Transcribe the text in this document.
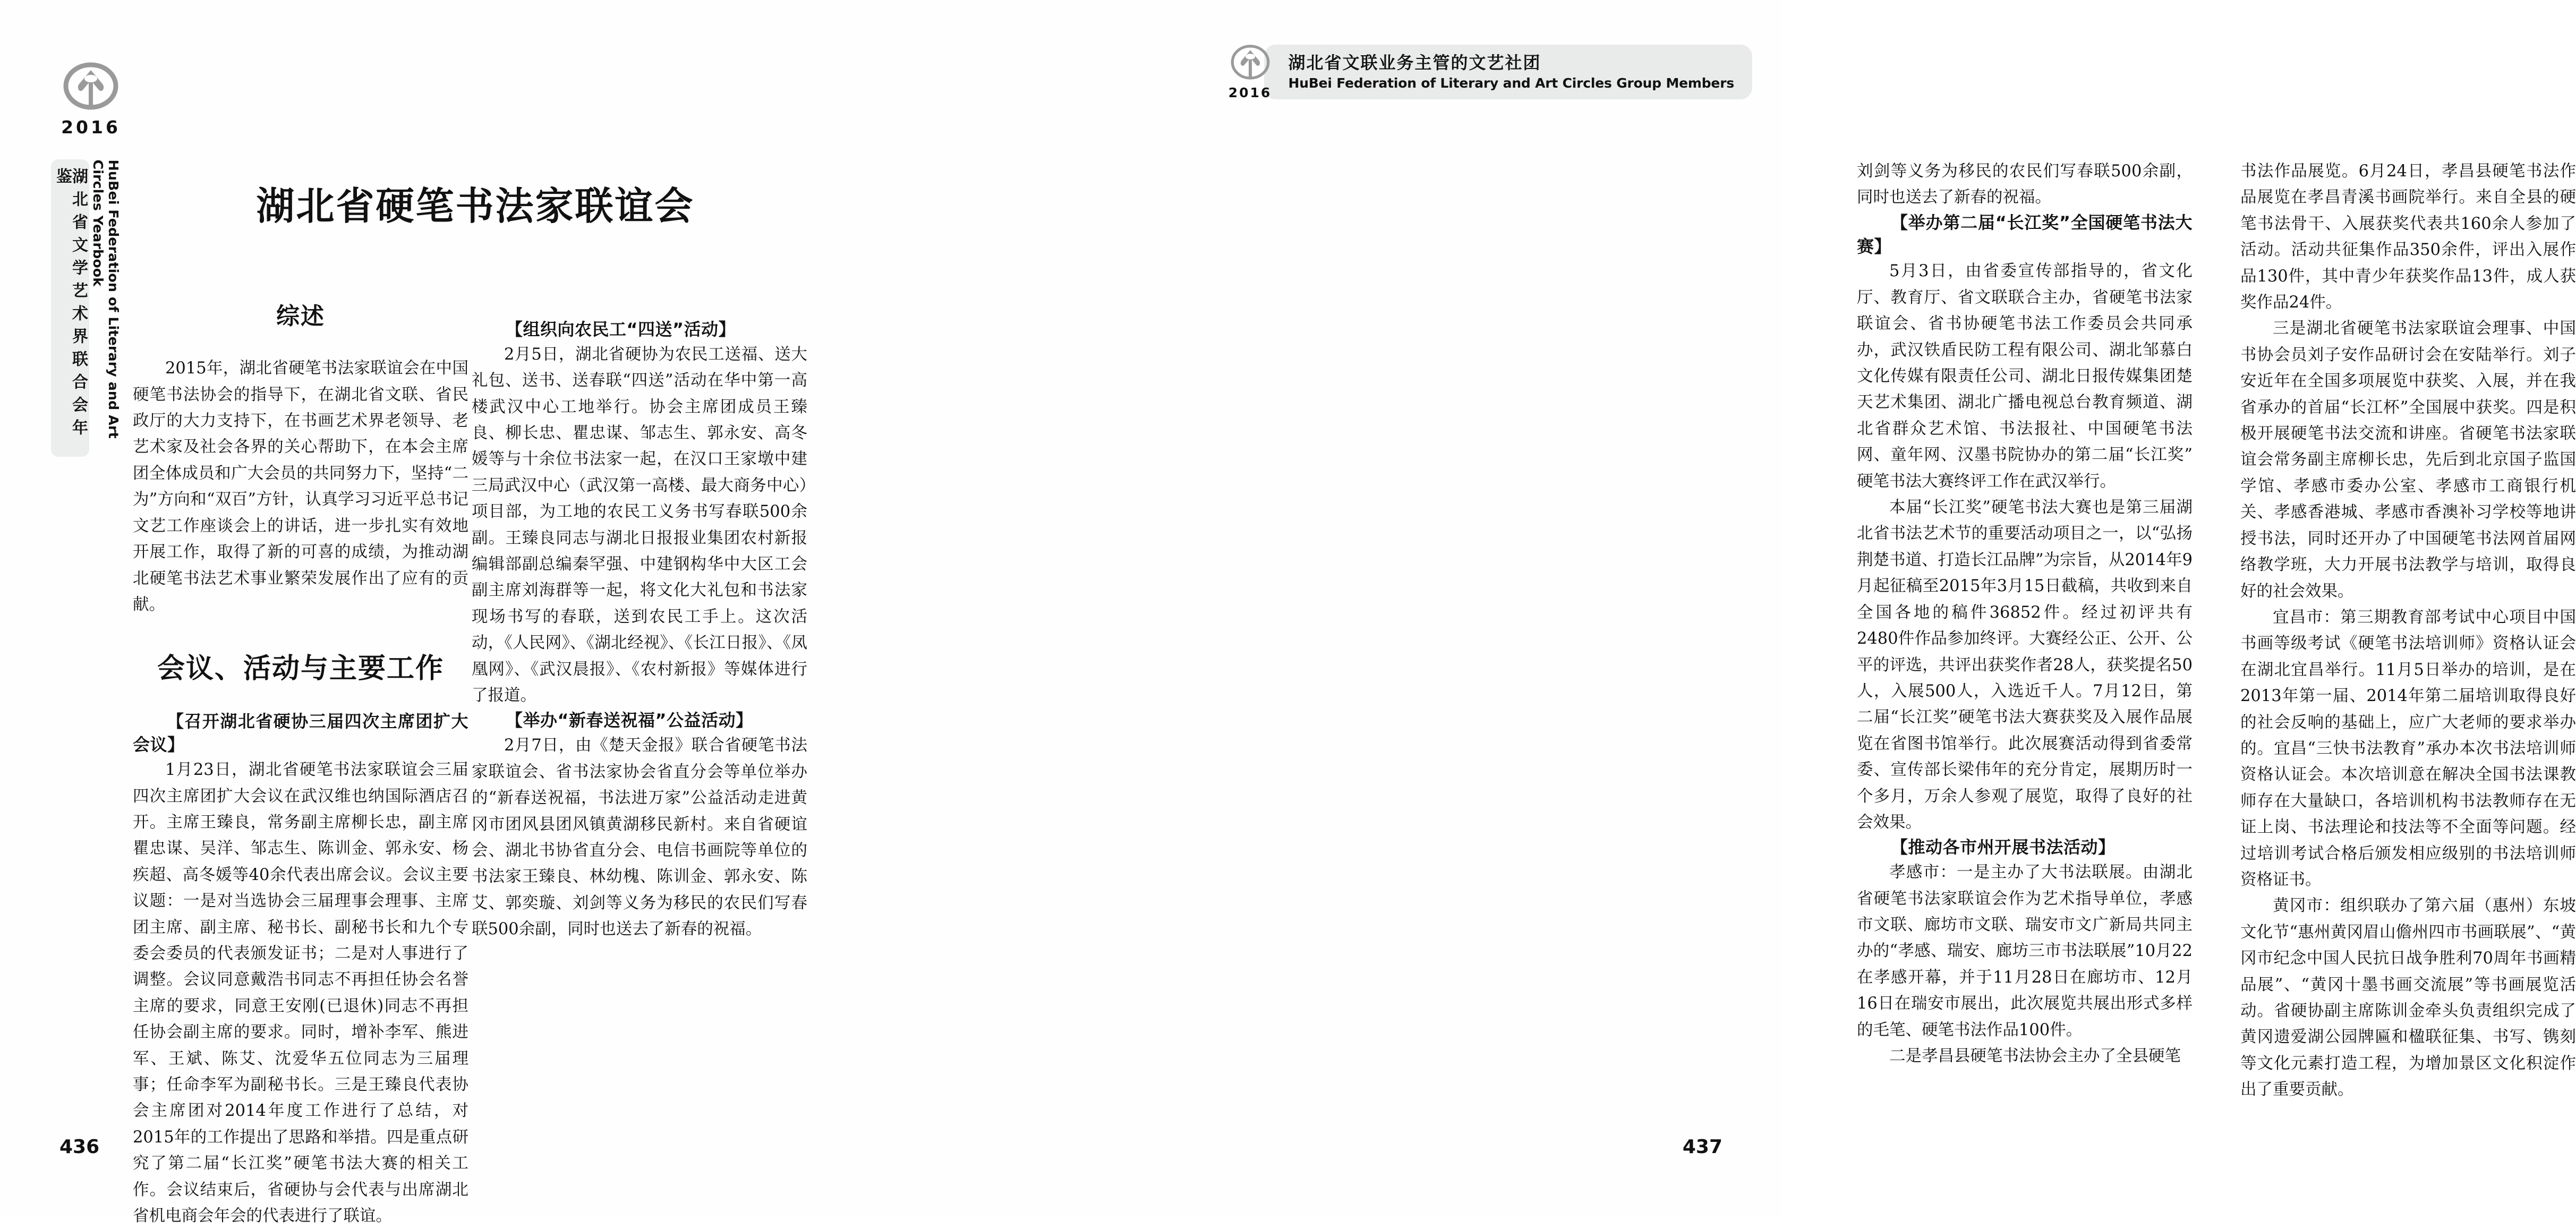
2016
HuBei Federation of Literary and Art Circles Yearbook
湖北省文学艺术界联合会年鉴
湖北省硬笔书法家联谊会
综述

2015年，湖北省硬笔书法家联谊会在中国硬笔书法协会的指导下，在湖北省文联、省民政厅的大力支持下，在书画艺术界老领导、老艺术家及社会各界的关心帮助下，在本会主席团全体成员和广大会员的共同努力下，坚持“二为”方向和“双百”方针，认真学习习近平总书记文艺工作座谈会上的讲话，进一步扎实有效地开展工作，取得了新的可喜的成绩，为推动湖北硬笔书法艺术事业繁荣发展作出了应有的贡献。

会议、活动与主要工作

【召开湖北省硬协三届四次主席团扩大会议】

1月23日，湖北省硬笔书法家联谊会三届四次主席团扩大会议在武汉维也纳国际酒店召开。主席王臻良，常务副主席柳长忠，副主席瞿忠谋、吴洋、邹志生、陈训金、郭永安、杨疾超、高冬媛等40余代表出席会议。会议主要议题：一是对当选协会三届理事会理事、主席团主席、副主席、秘书长、副秘书长和九个专委会委员的代表颁发证书；二是对人事进行了调整。会议同意戴浩书同志不再担任协会名誉主席的要求，同意王安刚(已退休)同志不再担任协会副主席的要求。同时，增补李军、熊进军、王斌、陈艾、沈爱华五位同志为三届理事；任命李军为副秘书长。三是王臻良代表协会主席团对2014年度工作进行了总结，对2015年的工作提出了思路和举措。四是重点研究了第二届“长江奖”硬笔书法大赛的相关工作。会议结束后，省硬协与会代表与出席湖北省机电商会年会的代表进行了联谊。

【组织向农民工“四送”活动】

2月5日，湖北省硬协为农民工送福、送大礼包、送书、送春联“四送”活动在华中第一高楼武汉中心工地举行。协会主席团成员王臻良、柳长忠、瞿忠谋、邹志生、郭永安、高冬媛等与十余位书法家一起，在汉口王家墩中建三局武汉中心（武汉第一高楼、最大商务中心）项目部，为工地的农民工义务书写春联500余副。王臻良同志与湖北日报报业集团农村新报编辑部副总编秦罕强、中建钢构华中大区工会副主席刘海群等一起，将文化大礼包和书法家现场书写的春联，送到农民工手上。这次活动，《人民网》、《湖北经视》、《长江日报》、《凤凰网》、《武汉晨报》、《农村新报》等媒体进行了报道。

【举办“新春送祝福”公益活动】

2月7日，由《楚天金报》联合省硬笔书法家联谊会、省书法家协会省直分会等单位举办的“新春送祝福，书法进万家”公益活动走进黄冈市团风县团风镇黄湖移民新村。来自省硬谊会、湖北书协省直分会、电信书画院等单位的书法家王臻良、林幼槐、陈训金、郭永安、陈艾、郭奕璇、刘剑等义务为移民的农民们写春联500余副，同时也送去了新春的祝福。

436
2016
湖北省文联业务主管的文艺社团
HuBei Federation of Literary and Art Circles Group Members

刘剑等义务为移民的农民们写春联500余副，同时也送去了新春的祝福。

【举办第二届“长江奖”全国硬笔书法大赛】

5月3日，由省委宣传部指导的，省文化厅、教育厅、省文联联合主办，省硬笔书法家联谊会、省书协硬笔书法工作委员会共同承办，武汉铁盾民防工程有限公司、湖北邹慕白文化传媒有限责任公司、湖北日报传媒集团楚天艺术集团、湖北广播电视总台教育频道、湖北省群众艺术馆、书法报社、中国硬笔书法网、童年网、汉墨书院协办的第二届“长江奖”硬笔书法大赛终评工作在武汉举行。

本届“长江奖”硬笔书法大赛也是第三届湖北省书法艺术节的重要活动项目之一，以“弘扬荆楚书道、打造长江品牌”为宗旨，从2014年9月起征稿至2015年3月15日截稿，共收到来自全国各地的稿件36852件。经过初评共有2480件作品参加终评。大赛经公正、公开、公平的评选，共评出获奖作者28人，获奖提名50人，入展500人，入选近千人。7月12日，第二届“长江奖”硬笔书法大赛获奖及入展作品展览在省图书馆举行。此次展赛活动得到省委常委、宣传部长梁伟年的充分肯定，展期历时一个多月，万余人参观了展览，取得了良好的社会效果。

【推动各市州开展书法活动】

孝感市：一是主办了大书法联展。由湖北省硬笔书法家联谊会作为艺术指导单位，孝感市文联、廊坊市文联、瑞安市文广新局共同主办的“孝感、瑞安、廊坊三市书法联展”10月22在孝感开幕，并于11月28日在廊坊市、12月16日在瑞安市展出，此次展览共展出形式多样的毛笔、硬笔书法作品100件。

二是孝昌县硬笔书法协会主办了全县硬笔

书法作品展览。6月24日，孝昌县硬笔书法作品展览在孝昌青溪书画院举行。来自全县的硬笔书法骨干、入展获奖代表共160余人参加了活动。活动共征集作品350余件，评出入展作品130件，其中青少年获奖作品13件，成人获奖作品24件。

三是湖北省硬笔书法家联谊会理事、中国书协会员刘子安作品研讨会在安陆举行。刘子安近年在全国多项展览中获奖、入展，并在我省承办的首届“长江杯”全国展中获奖。四是积极开展硬笔书法交流和讲座。省硬笔书法家联谊会常务副主席柳长忠，先后到北京国子监国学馆、孝感市委办公室、孝感市工商银行机关、孝感香港城、孝感市香澳补习学校等地讲授书法，同时还开办了中国硬笔书法网首届网络教学班，大力开展书法教学与培训，取得良好的社会效果。

宜昌市：第三期教育部考试中心项目中国书画等级考试《硬笔书法培训师》资格认证会在湖北宜昌举行。11月5日举办的培训，是在2013年第一届、2014年第二届培训取得良好的社会反响的基础上，应广大老师的要求举办的。宜昌“三快书法教育”承办本次书法培训师资格认证会。本次培训意在解决全国书法课教师存在大量缺口，各培训机构书法教师存在无证上岗、书法理论和技法等不全面等问题。经过培训考试合格后颁发相应级别的书法培训师资格证书。

黄冈市：组织联办了第六届（惠州）东坡文化节“惠州黄冈眉山儋州四市书画联展”、“黄冈市纪念中国人民抗日战争胜利70周年书画精品展”、“黄冈十墨书画交流展”等书画展览活动。省硬协副主席陈训金牵头负责组织完成了黄冈遗爱湖公园牌匾和楹联征集、书写、镌刻等文化元素打造工程，为增加景区文化积淀作出了重要贡献。

437
